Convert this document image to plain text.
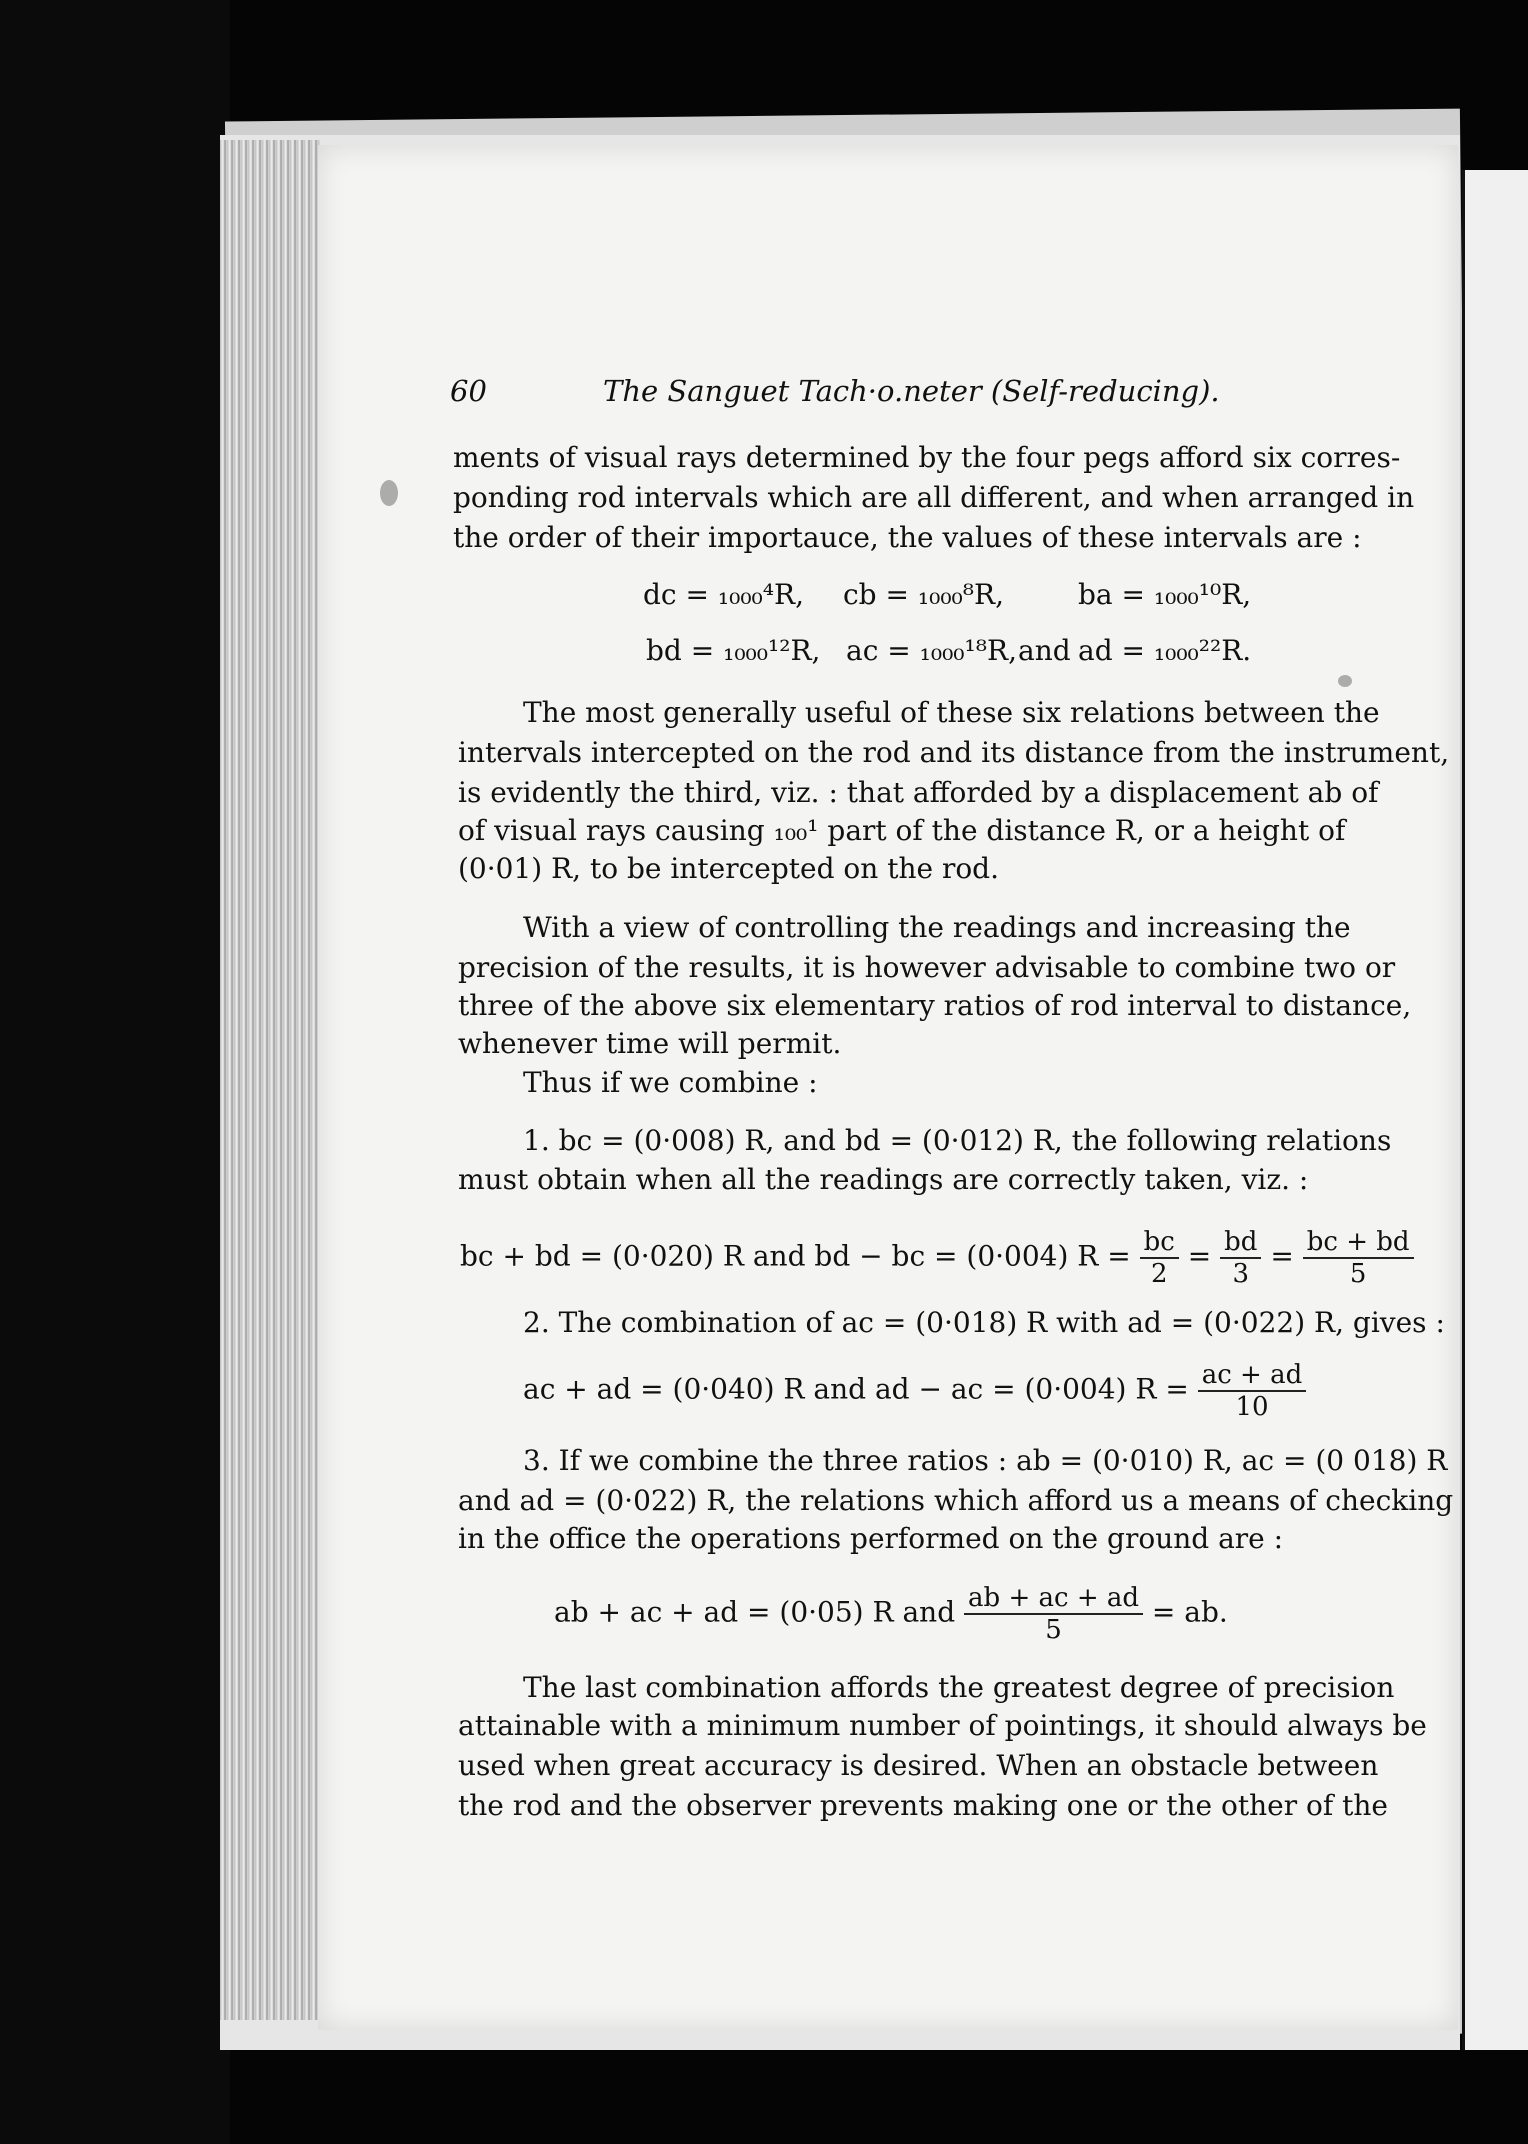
60	The Sanguet Tach·o.neter (Self-reducing).
ments of visual rays determined by the four pegs afford six corres-
ponding rod intervals which are all different, and when arranged in
the order of their importauce, the values of these intervals are :
dc = ₁₀₀₀⁴R, cb = ₁₀₀₀⁸R,	ba = ₁₀₀₀¹⁰R,
bd = ₁₀₀₀¹²R, ac = ₁₀₀₀¹⁸R, and ad = ₁₀₀₀²²R.
The most generally useful of these six relations between the
intervals intercepted on the rod and its distance from the instrument,
is evidently the third, viz. : that afforded by a displacement ab of
of visual rays causing ₁₀₀¹ part of the distance R, or a height of
(0·01) R, to be intercepted on the rod.
With a view of controlling the readings and increasing the
precision of the results, it is however advisable to combine two or
three of the above six elementary ratios of rod interval to distance,
whenever time will permit.
Thus if we combine :
1. bc = (0·008) R, and bd = (0·012) R, the following relations
must obtain when all the readings are correctly taken, viz. :
bc + bd = (0·020) R and bd − bc = (0·004) $R = \frac{bc}{2} = \frac{bd}{3} = \frac{bc + bd}{5}$
2. The combination of ac = (0·018) R with ad = (0·022) R, gives :
ac + ad = (0·040) R and ad − ac = (0·004) $R = \frac{ac + ad}{10}$
3. If we combine the three ratios : ab = (0·010) R, ac = (0 018) R
and ad = (0·022) R, the relations which afford us a means of checking
in the office the operations performed on the ground are :
ab + ac + ad = (0·05) R and $\frac{ab + ac + ad}{5}$ = ab.
The last combination affords the greatest degree of precision
attainable with a minimum number of pointings, it should always be
used when great accuracy is desired. When an obstacle between
the rod and the observer prevents making one or the other of the
